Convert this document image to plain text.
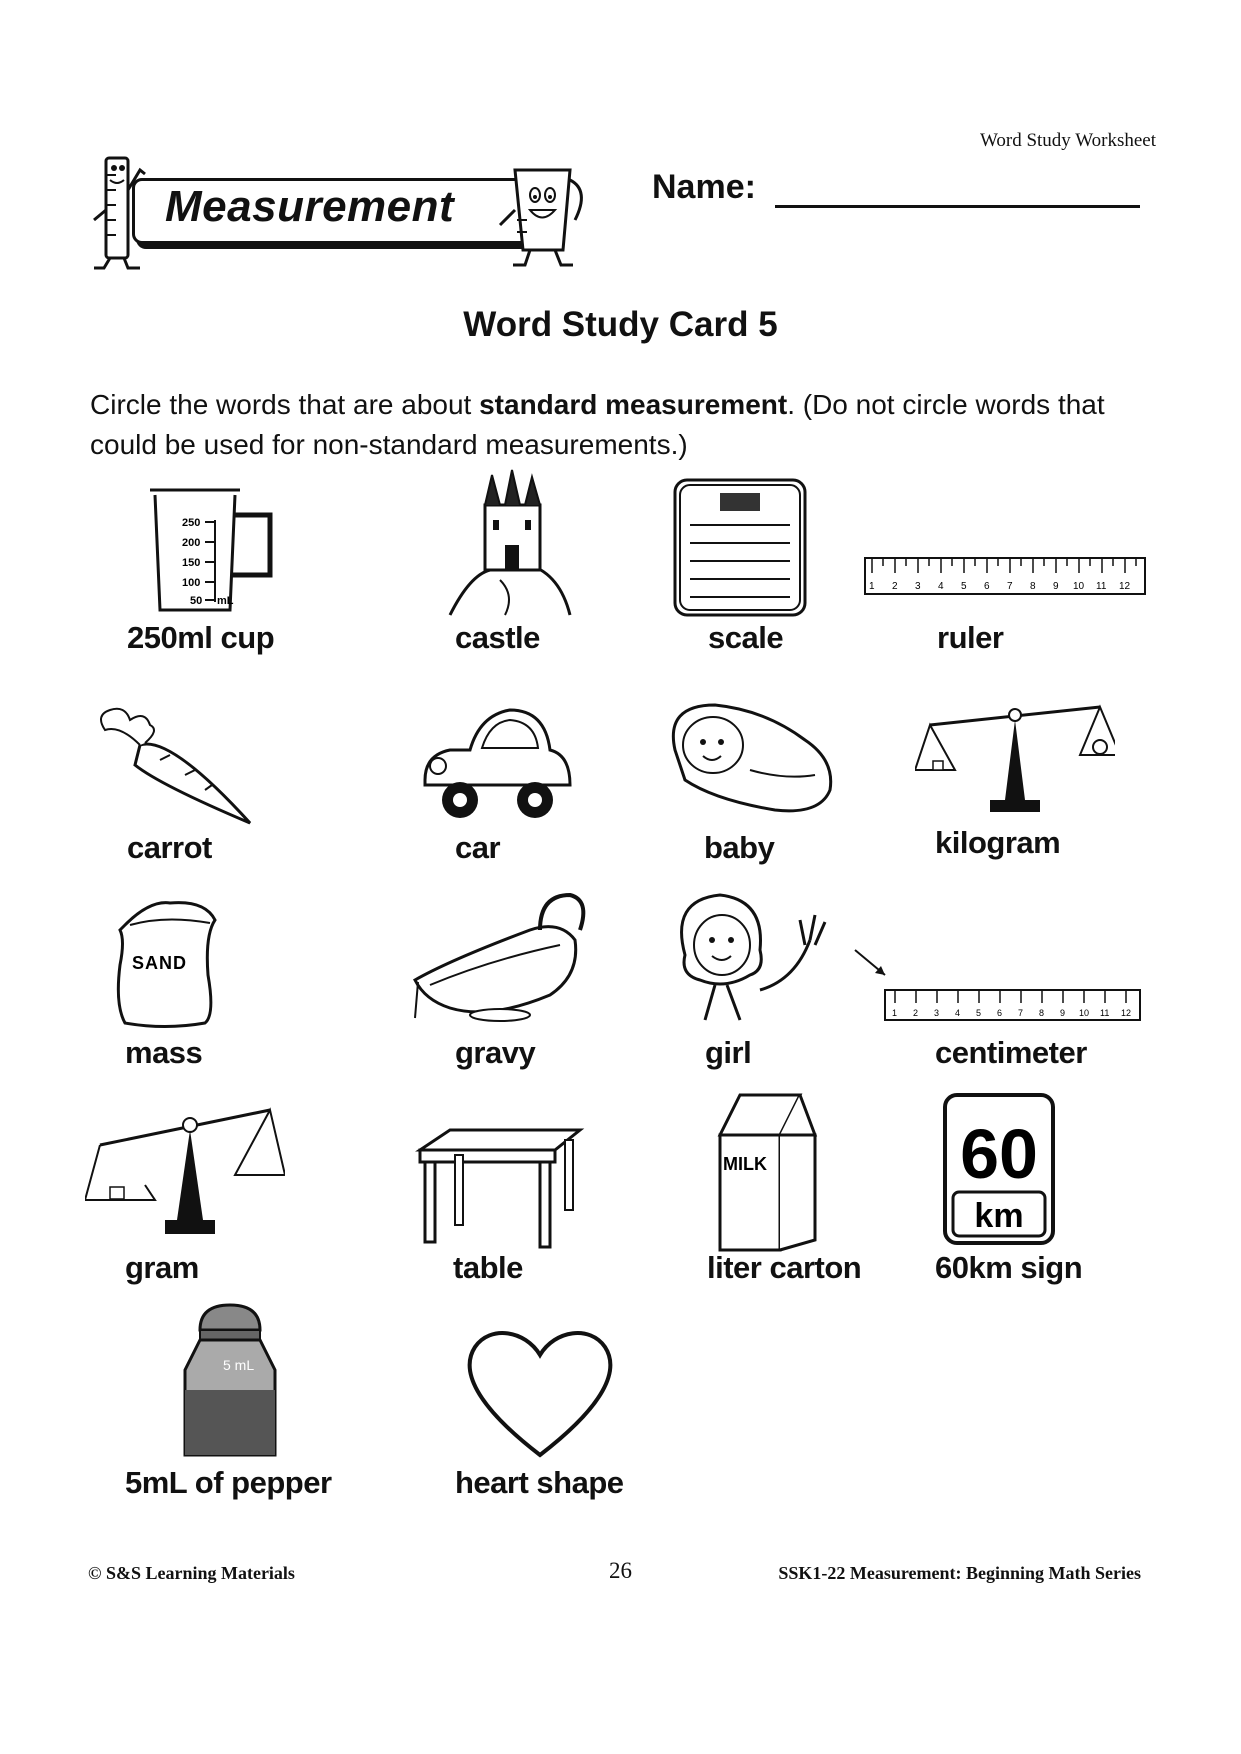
Word Study Worksheet
Measurement	Name:
Word Study Card 5
Circle the words that are about standard measurement. (Do not circle words that could be used for non-standard measurements.)
250
200
150
100
50 mL
250ml cup	castle	scale
1 2 3 4 5 6 7 8 9 10 11 12
ruler
carrot	car	baby	kilogram
SAND
mass	gravy	girl
1 2 3 4 5 6 7 8 9 10 11 12
centimeter
gram	table
MILK
liter carton
60
km
60km sign
5 mL
5mL of pepper	heart shape
© S&S Learning Materials	26	SSK1-22 Measurement: Beginning Math Series
